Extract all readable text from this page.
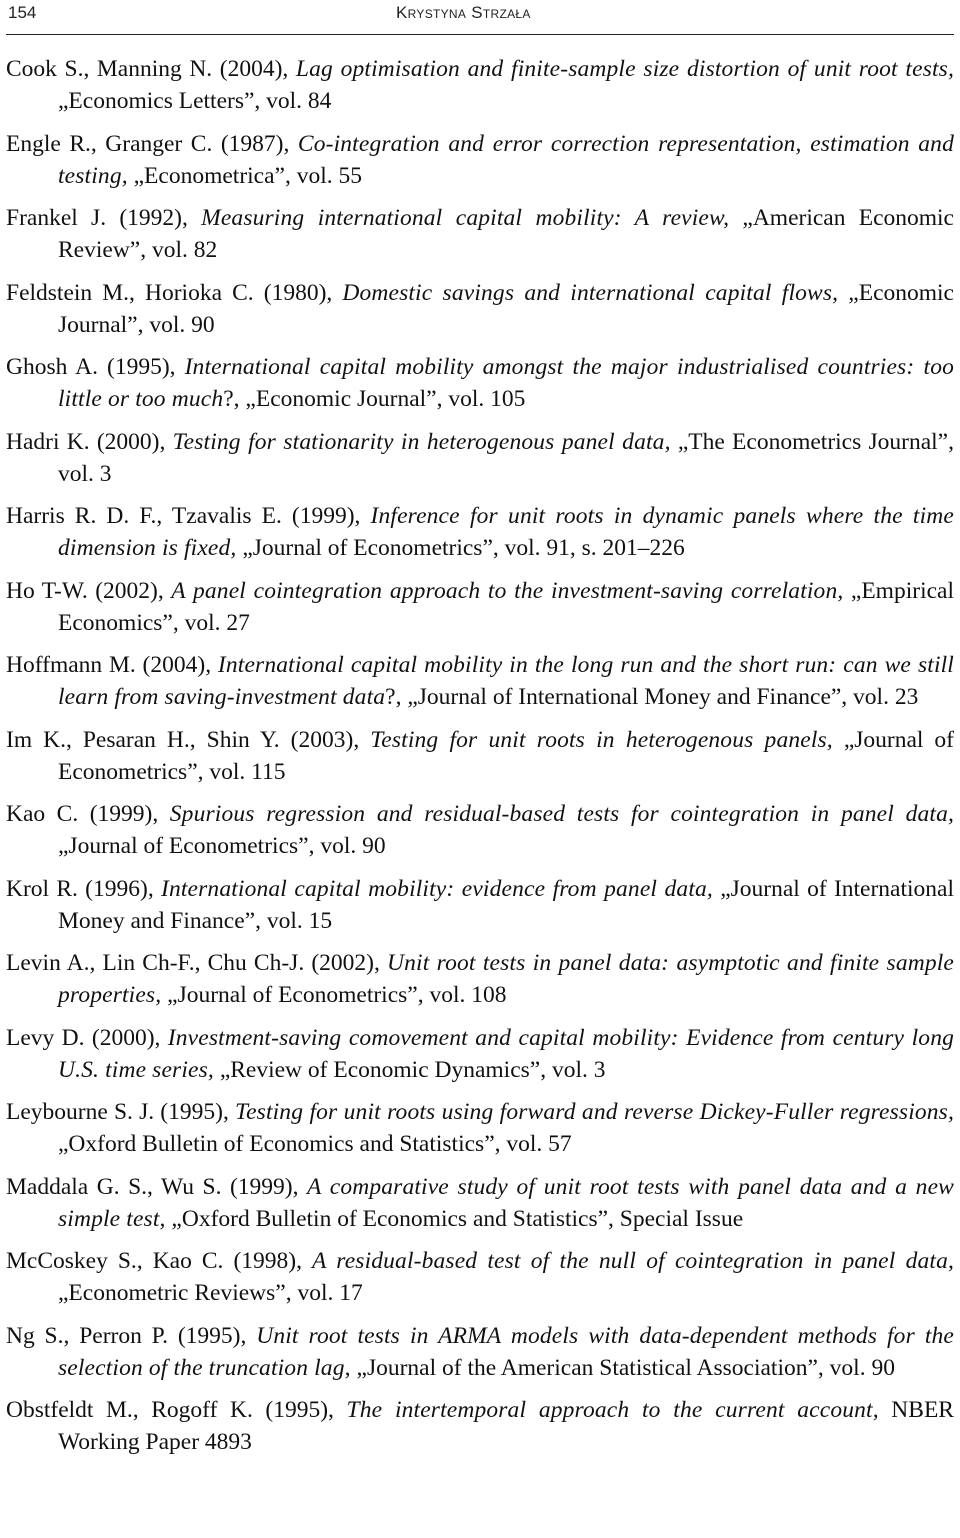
154	Krystyna Strzała
Cook S., Manning N. (2004), Lag optimisation and finite-sample size distortion of unit root tests, „Economics Letters”, vol. 84
Engle R., Granger C. (1987), Co-integration and error correction representation, estimation and testing, „Econometrica”, vol. 55
Frankel J. (1992), Measuring international capital mobility: A review, „American Economic Review”, vol. 82
Feldstein M., Horioka C. (1980), Domestic savings and international capital flows, „Economic Journal”, vol. 90
Ghosh A. (1995), International capital mobility amongst the major industrialised countries: too little or too much?, „Economic Journal”, vol. 105
Hadri K. (2000), Testing for stationarity in heterogenous panel data, „The Econometrics Journal”, vol. 3
Harris R. D. F., Tzavalis E. (1999), Inference for unit roots in dynamic panels where the time dimension is fixed, „Journal of Econometrics”, vol. 91, s. 201–226
Ho T-W. (2002), A panel cointegration approach to the investment-saving correlation, „Empirical Economics”, vol. 27
Hoffmann M. (2004), International capital mobility in the long run and the short run: can we still learn from saving-investment data?, „Journal of International Money and Finance”, vol. 23
Im K., Pesaran H., Shin Y. (2003), Testing for unit roots in heterogenous panels, „Journal of Econometrics”, vol. 115
Kao C. (1999), Spurious regression and residual-based tests for cointegration in panel data, „Journal of Econometrics”, vol. 90
Krol R. (1996), International capital mobility: evidence from panel data, „Journal of International Money and Finance”, vol. 15
Levin A., Lin Ch-F., Chu Ch-J. (2002), Unit root tests in panel data: asymptotic and finite sample properties, „Journal of Econometrics”, vol. 108
Levy D. (2000), Investment-saving comovement and capital mobility: Evidence from century long U.S. time series, „Review of Economic Dynamics”, vol. 3
Leybourne S. J. (1995), Testing for unit roots using forward and reverse Dickey-Fuller regressions, „Oxford Bulletin of Economics and Statistics”, vol. 57
Maddala G. S., Wu S. (1999), A comparative study of unit root tests with panel data and a new simple test, „Oxford Bulletin of Economics and Statistics”, Special Issue
McCoskey S., Kao C. (1998), A residual-based test of the null of cointegration in panel data, „Econometric Reviews”, vol. 17
Ng S., Perron P. (1995), Unit root tests in ARMA models with data-dependent methods for the selection of the truncation lag, „Journal of the American Statistical Association”, vol. 90
Obstfeldt M., Rogoff K. (1995), The intertemporal approach to the current account, NBER Working Paper 4893
